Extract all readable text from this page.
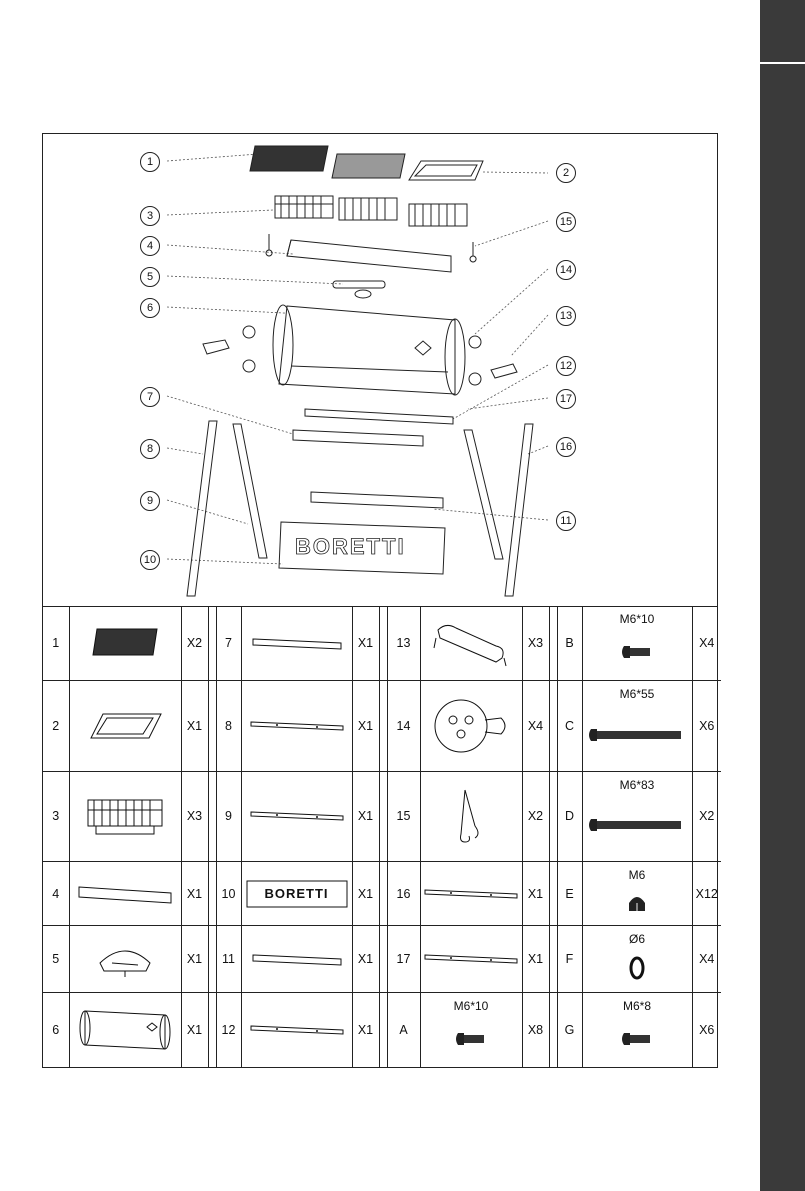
BORETTI
1
2
3
4
5
6
7
8
9
10
11
12
13
14
15
16
17
1		X2		7		X1		13		X3		B	M6*10	X4
2		X1		8		X1		14		X4		C	M6*55	X6
3		X3		9		X1		15		X2		D	M6*83	X2
4		X1		10	BORETTI	X1		16		X1		E	M6	X12
5		X1		11		X1		17		X1		F	Ø6	X4
6		X1		12		X1		A	M6*10	X8		G	M6*8	X6
